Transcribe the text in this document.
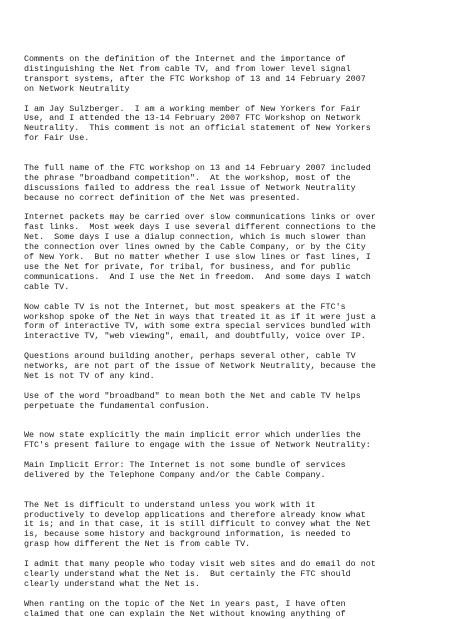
Comments on the definition of the Internet and the importance of
distinguishing the Net from cable TV, and from lower level signal
transport systems, after the FTC Workshop of 13 and 14 February 2007
on Network Neutrality

I am Jay Sulzberger.  I am a working member of New Yorkers for Fair
Use, and I attended the 13-14 February 2007 FTC Workshop on Network
Neutrality.  This comment is not an official statement of New Yorkers
for Fair Use.

The full name of the FTC workshop on 13 and 14 February 2007 included
the phrase "broadband competition".  At the workshop, most of the
discussions failed to address the real issue of Network Neutrality
because no correct definition of the Net was presented.

Internet packets may be carried over slow communications links or over
fast links.  Most week days I use several different connections to the
Net.  Some days I use a dialup connection, which is much slower than
the connection over lines owned by the Cable Company, or by the City
of New York.  But no matter whether I use slow lines or fast lines, I
use the Net for private, for tribal, for business, and for public
communications.  And I use the Net in freedom.  And some days I watch
cable TV.

Now cable TV is not the Internet, but most speakers at the FTC's
workshop spoke of the Net in ways that treated it as if it were just a
form of interactive TV, with some extra special services bundled with
interactive TV, "web viewing", email, and doubtfully, voice over IP.

Questions around building another, perhaps several other, cable TV
networks, are not part of the issue of Network Neutrality, because the
Net is not TV of any kind.

Use of the word "broadband" to mean both the Net and cable TV helps
perpetuate the fundamental confusion.

We now state explicitly the main implicit error which underlies the
FTC's present failure to engage with the issue of Network Neutrality:

Main Implicit Error: The Internet is not some bundle of services
delivered by the Telephone Company and/or the Cable Company.

The Net is difficult to understand unless you work with it
productively to develop applications and therefore already know what
it is; and in that case, it is still difficult to convey what the Net
is, because some history and background information, is needed to
grasp how different the Net is from cable TV.

I admit that many people who today visit web sites and do email do not
clearly understand what the Net is.  But certainly the FTC should
clearly understand what the Net is.

When ranting on the topic of the Net in years past, I have often
claimed that one can explain the Net without knowing anything of
